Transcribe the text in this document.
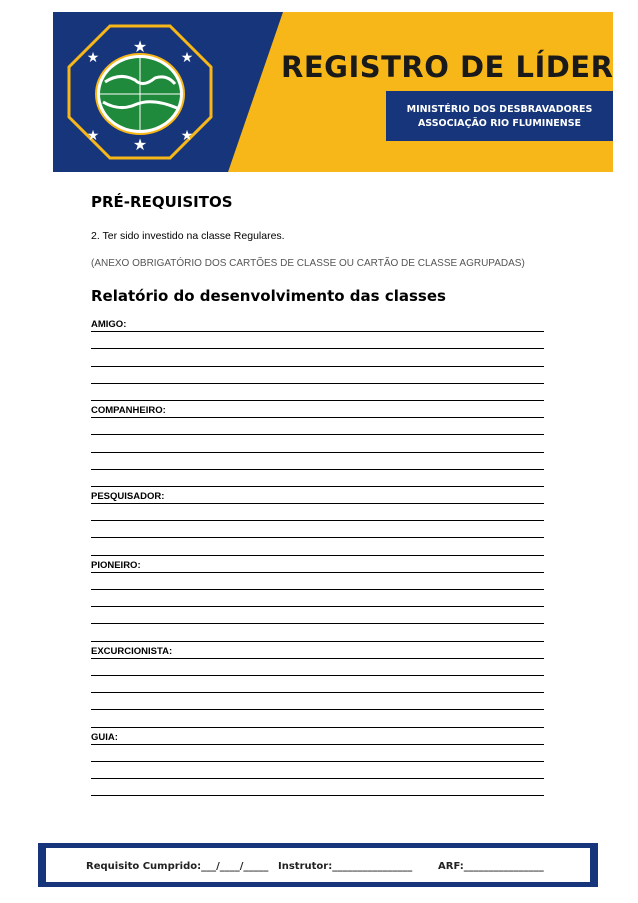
★
★	★
★	★
★
REGISTRO DE LÍDER
MINISTÉRIO DOS DESBRAVADORES
ASSOCIAÇÃO RIO FLUMINENSE
PRÉ-REQUISITOS
2. Ter sido investido na classe Regulares.
(ANEXO OBRIGATÓRIO DOS CARTÕES DE CLASSE OU CARTÃO DE CLASSE AGRUPADAS)
Relatório do desenvolvimento das classes
AMIGO:
COMPANHEIRO:
PESQUISADOR:
PIONEIRO:
EXCURCIONISTA:
GUIA:
Requisito Cumprido:___/____/_____ Instrutor:________________	ARF:________________
